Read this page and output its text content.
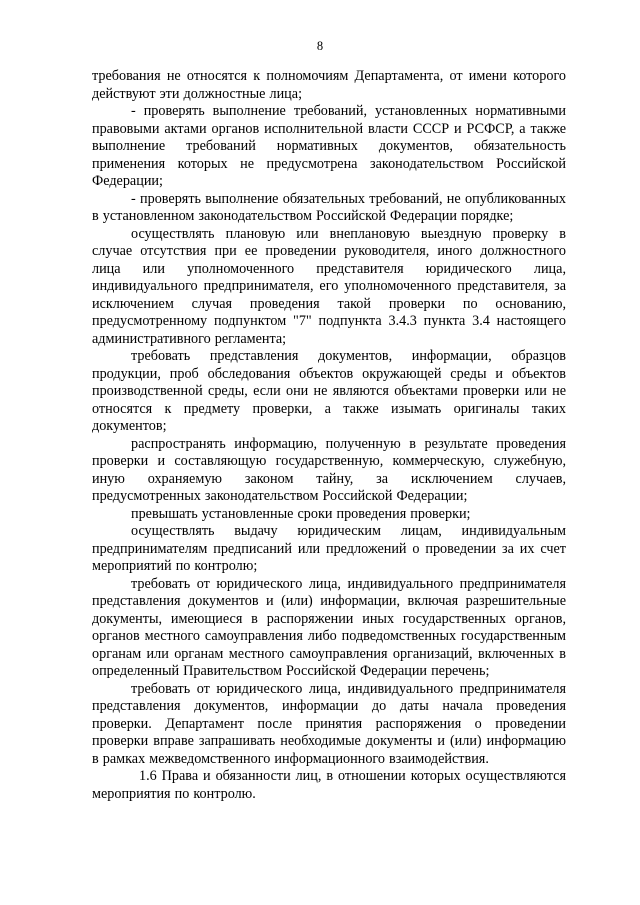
8

требования не относятся к полномочиям Департамента, от имени которого действуют эти должностные лица;

- проверять выполнение требований, установленных нормативными правовыми актами органов исполнительной власти СССР и РСФСР, а также выполнение требований нормативных документов, обязательность применения которых не предусмотрена законодательством Российской Федерации;

- проверять выполнение обязательных требований, не опубликованных в установленном законодательством Российской Федерации порядке;

осуществлять плановую или внеплановую выездную проверку в случае отсутствия при ее проведении руководителя, иного должностного лица или уполномоченного представителя юридического лица, индивидуального предпринимателя, его уполномоченного представителя, за исключением случая проведения такой проверки по основанию, предусмотренному подпунктом "7" подпункта 3.4.3 пункта 3.4 настоящего административного регламента;

требовать представления документов, информации, образцов продукции, проб обследования объектов окружающей среды и объектов производственной среды, если они не являются объектами проверки или не относятся к предмету проверки, а также изымать оригиналы таких документов;

распространять информацию, полученную в результате проведения проверки и составляющую государственную, коммерческую, служебную, иную охраняемую законом тайну, за исключением случаев, предусмотренных законодательством Российской Федерации;

превышать установленные сроки проведения проверки;

осуществлять выдачу юридическим лицам, индивидуальным предпринимателям предписаний или предложений о проведении за их счет мероприятий по контролю;

требовать от юридического лица, индивидуального предпринимателя представления документов и (или) информации, включая разрешительные документы, имеющиеся в распоряжении иных государственных органов, органов местного самоуправления либо подведомственных государственным органам или органам местного самоуправления организаций, включенных в определенный Правительством Российской Федерации перечень;

требовать от юридического лица, индивидуального предпринимателя представления документов, информации до даты начала проведения проверки. Департамент после принятия распоряжения о проведении проверки вправе запрашивать необходимые документы и (или) информацию в рамках межведомственного информационного взаимодействия.

1.6 Права и обязанности лиц, в отношении которых осуществляются мероприятия по контролю.
